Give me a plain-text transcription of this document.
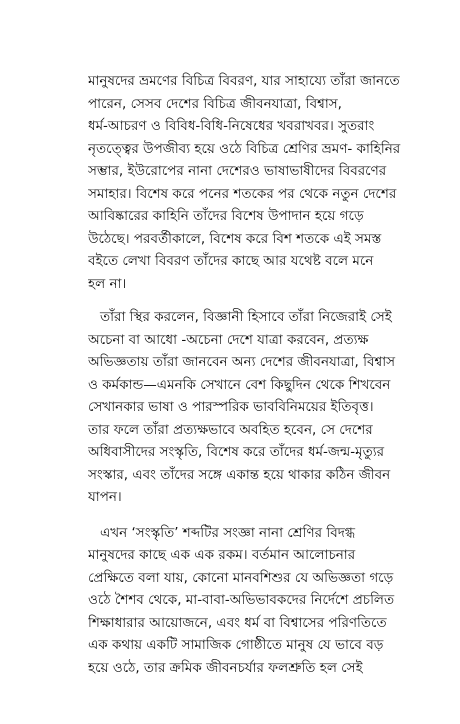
মানুষদের ভ্রমণের বিচিত্র বিবরণ, যার সাহায্যে তাঁরা জানতে
পারেন, সেসব দেশের বিচিত্র জীবনযাত্রা, বিশ্বাস,
ধর্ম-আচরণ ও বিবিধ-বিধি-নিষেধের খবরাখবর। সুতরাং
নৃতত্ত্বের উপজীব্য হয়ে ওঠে বিচিত্র শ্রেণির ভ্রমণ- কাহিনির
সম্ভার, ইউরোপের নানা দেশেরও ভাষাভাষীদের বিবরণের
সমাহার। বিশেষ করে পনের শতকের পর থেকে নতুন দেশের
আবিষ্কারের কাহিনি তাঁদের বিশেষ উপাদান হয়ে গড়ে
উঠেছে। পরবর্তীকালে, বিশেষ করে বিশ শতকে এই সমস্ত
বইতে লেখা বিবরণ তাঁদের কাছে আর যথেষ্ট বলে মনে
হল না।

তাঁরা স্থির করলেন, বিজ্ঞানী হিসাবে তাঁরা নিজেরাই সেই
অচেনা বা আধো -অচেনা দেশে যাত্রা করবেন, প্রত্যক্ষ
অভিজ্ঞতায় তাঁরা জানবেন অন্য দেশের জীবনযাত্রা, বিশ্বাস
ও কর্মকান্ড—এমনকি সেখানে বেশ কিছুদিন থেকে শিখবেন
সেখানকার ভাষা ও পারস্পরিক ভাববিনিময়ের ইতিবৃত্ত।
তার ফলে তাঁরা প্রত্যক্ষভাবে অবহিত হবেন, সে দেশের
অধিবাসীদের সংস্কৃতি, বিশেষ করে তাঁদের ধর্ম-জন্ম-মৃত্যুর
সংস্কার, এবং তাঁদের সঙ্গে একান্ত হয়ে থাকার কঠিন জীবন
যাপন।

এখন ‘সংস্কৃতি’ শব্দটির সংজ্ঞা নানা শ্রেণির বিদগ্ধ
মানুষদের কাছে এক এক রকম। বর্তমান আলোচনার
প্রেক্ষিতে বলা যায়, কোনো মানবশিশুর যে অভিজ্ঞতা গড়ে
ওঠে শৈশব থেকে, মা-বাবা-অভিভাবকদের নির্দেশে প্রচলিত
শিক্ষাধারার আয়োজনে, এবং ধর্ম বা বিশ্বাসের পরিণতিতে
এক কথায় একটি সামাজিক গোষ্ঠীতে মানুষ যে ভাবে বড়
হয়ে ওঠে, তার ক্রমিক জীবনচর্যার ফলশ্রুতি হল সেই
